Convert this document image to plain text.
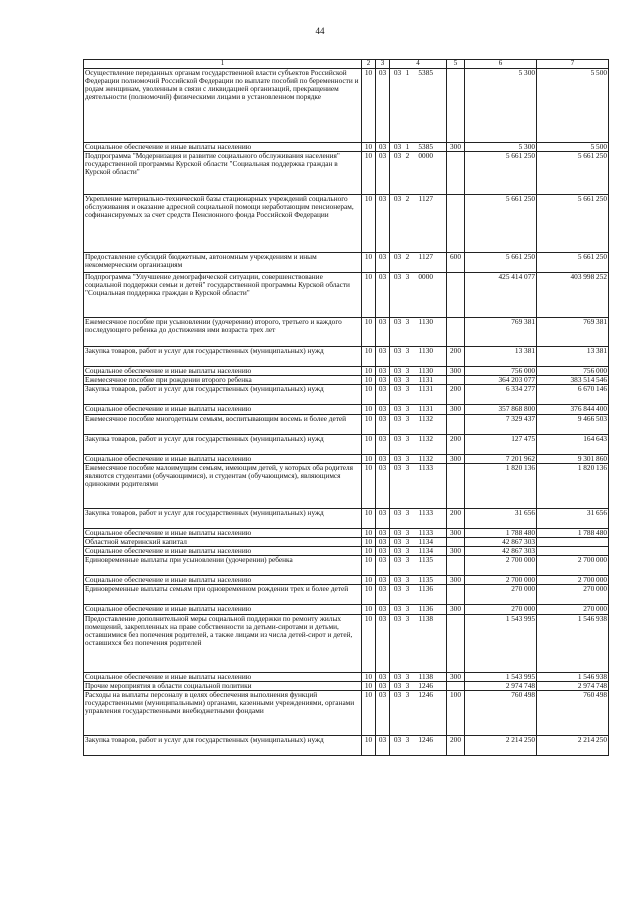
44
1	2	3	4	5	6	7
Осуществление переданных органам государственной власти субъектов Российской Федерации полномочий Российской Федерации по выплате пособий по беременности и родам женщинам, уволенным в связи с ликвидацией организаций, прекращением деятельности (полномочий) физическими лицами в установленном порядке	10	03	03 1 5385		5 300	5 500
Социальное обеспечение и иные выплаты населению	10	03	03 1 5385	300	5 300	5 500
Подпрограмма "Модернизация и развитие социального обслуживания населения" государственной программы Курской области "Социальная поддержка граждан в Курской области"	10	03	03 2 0000		5 661 250	5 661 250
Укрепление материально-технической базы стационарных учреждений социального обслуживания и оказание адресной социальной помощи неработающим пенсионерам, софинансируемых за счет средств Пенсионного фонда Российской Федерации	10	03	03 2 1127		5 661 250	5 661 250
Предоставление субсидий бюджетным, автономным учреждениям и иным некоммерческим организациям	10	03	03 2 1127	600	5 661 250	5 661 250
Подпрограмма "Улучшение демографической ситуации, совершенствование социальной поддержки семьи и детей" государственной программы Курской области "Социальная поддержка граждан в Курской области"	10	03	03 3 0000		425 414 077	403 998 252
Ежемесячное пособие при усыновлении (удочерении) второго, третьего и каждого последующего ребенка до достижения ими возраста трех лет	10	03	03 3 1130		769 381	769 381
Закупка товаров, работ и услуг для государственных (муниципальных) нужд	10	03	03 3 1130	200	13 381	13 381
Социальное обеспечение и иные выплаты населению	10	03	03 3 1130	300	756 000	756 000
Ежемесячное пособие при рождении второго ребенка	10	03	03 3 1131		364 203 077	383 514 546
Закупка товаров, работ и услуг для государственных (муниципальных) нужд	10	03	03 3 1131	200	6 334 277	6 670 146
Социальное обеспечение и иные выплаты населению	10	03	03 3 1131	300	357 868 800	376 844 400
Ежемесячное пособие многодетным семьям, воспитывающим восемь и более детей	10	03	03 3 1132		7 329 437	9 466 503
Закупка товаров, работ и услуг для государственных (муниципальных) нужд	10	03	03 3 1132	200	127 475	164 643
Социальное обеспечение и иные выплаты населению	10	03	03 3 1132	300	7 201 962	9 301 860
Ежемесячное пособие малоимущим семьям, имеющим детей, у которых оба родителя являются студентами (обучающимися), и студентам (обучающимся), являющимся одинокими родителями	10	03	03 3 1133		1 820 136	1 820 136
Закупка товаров, работ и услуг для государственных (муниципальных) нужд	10	03	03 3 1133	200	31 656	31 656
Социальное обеспечение и иные выплаты населению	10	03	03 3 1133	300	1 788 480	1 788 480
Областной материнский капитал	10	03	03 3 1134		42 867 303	
Социальное обеспечение и иные выплаты населению	10	03	03 3 1134	300	42 867 303	
Единовременные выплаты при усыновлении (удочерении) ребенка	10	03	03 3 1135		2 700 000	2 700 000
Социальное обеспечение и иные выплаты населению	10	03	03 3 1135	300	2 700 000	2 700 000
Единовременные выплаты семьям при одновременном рождении трех и более детей	10	03	03 3 1136		270 000	270 000
Социальное обеспечение и иные выплаты населению	10	03	03 3 1136	300	270 000	270 000
Предоставление дополнительной меры социальной поддержки по ремонту жилых помещений, закрепленных на праве собственности за детьми-сиротами и детьми, оставшимися без попечения родителей, а также лицами из числа детей-сирот и детей, оставшихся без попечения родителей	10	03	03 3 1138		1 543 995	1 546 938
Социальное обеспечение и иные выплаты населению	10	03	03 3 1138	300	1 543 995	1 546 938
Прочие мероприятия в области социальной политики	10	03	03 3 1246		2 974 748	2 974 748
Расходы на выплаты персоналу в целях обеспечения выполнения функций государственными (муниципальными) органами, казенными учреждениями, органами управления государственными внебюджетными фондами	10	03	03 3 1246	100	760 498	760 498
Закупка товаров, работ и услуг для государственных (муниципальных) нужд	10	03	03 3 1246	200	2 214 250	2 214 250
